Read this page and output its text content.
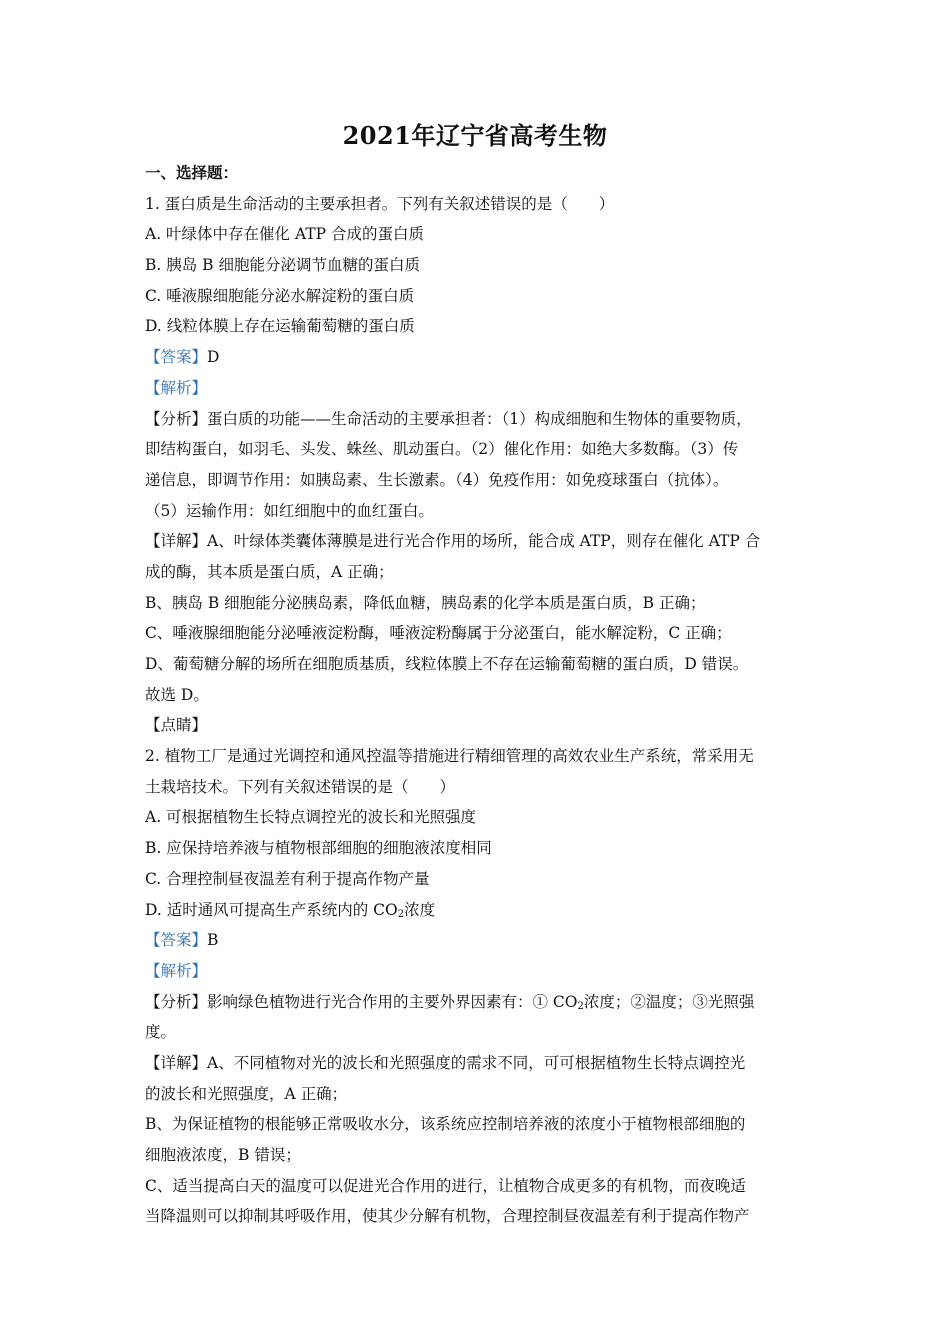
2021年辽宁省高考生物
一、选择题：
1. 蛋白质是生命活动的主要承担者。下列有关叙述错误的是（　　）
A. 叶绿体中存在催化 ATP 合成的蛋白质
B. 胰岛 B 细胞能分泌调节血糖的蛋白质
C. 唾液腺细胞能分泌水解淀粉的蛋白质
D. 线粒体膜上存在运输葡萄糖的蛋白质
【答案】D
【解析】
【分析】蛋白质的功能——生命活动的主要承担者：（1）构成细胞和生物体的重要物质，
即结构蛋白，如羽毛、头发、蛛丝、肌动蛋白。（2）催化作用：如绝大多数酶。（3）传
递信息，即调节作用：如胰岛素、生长激素。（4）免疫作用：如免疫球蛋白（抗体）。
（5）运输作用：如红细胞中的血红蛋白。
【详解】A、叶绿体类囊体薄膜是进行光合作用的场所，能合成 ATP，则存在催化 ATP 合
成的酶，其本质是蛋白质，A 正确；
B、胰岛 B 细胞能分泌胰岛素，降低血糖，胰岛素的化学本质是蛋白质，B 正确；
C、唾液腺细胞能分泌唾液淀粉酶，唾液淀粉酶属于分泌蛋白，能水解淀粉，C 正确；
D、葡萄糖分解的场所在细胞质基质，线粒体膜上不存在运输葡萄糖的蛋白质，D 错误。
故选 D。
【点睛】
2. 植物工厂是通过光调控和通风控温等措施进行精细管理的高效农业生产系统，常采用无
土栽培技术。下列有关叙述错误的是（　　）
A. 可根据植物生长特点调控光的波长和光照强度
B. 应保持培养液与植物根部细胞的细胞液浓度相同
C. 合理控制昼夜温差有利于提高作物产量
D. 适时通风可提高生产系统内的 $CO_2$浓度
【答案】B
【解析】
【分析】影响绿色植物进行光合作用的主要外界因素有：① $CO_2$浓度；②温度；③光照强
度。
【详解】A、不同植物对光的波长和光照强度的需求不同，可可根据植物生长特点调控光
的波长和光照强度，A 正确；
B、为保证植物的根能够正常吸收水分，该系统应控制培养液的浓度小于植物根部细胞的
细胞液浓度，B 错误；
C、适当提高白天的温度可以促进光合作用的进行，让植物合成更多的有机物，而夜晚适
当降温则可以抑制其呼吸作用，使其少分解有机物，合理控制昼夜温差有利于提高作物产
